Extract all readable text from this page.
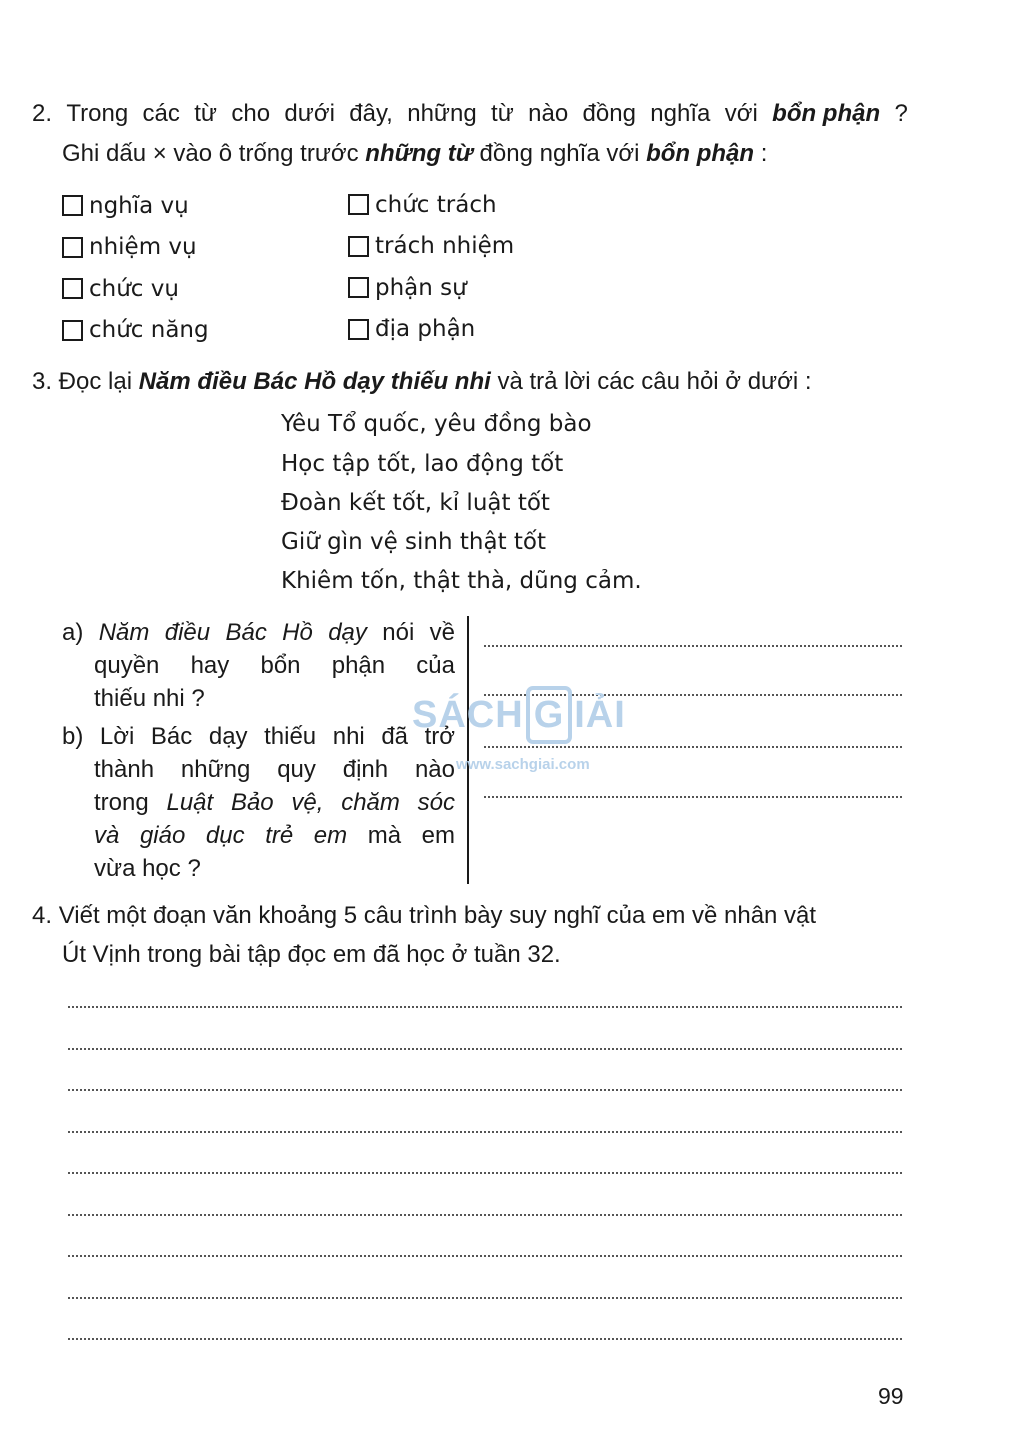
2. Trong các từ cho dưới đây, những từ nào đồng nghĩa với bổn phận ?
Ghi dấu × vào ô trống trước những từ đồng nghĩa với bổn phận :
nghĩa vụ
nhiệm vụ
chức vụ
chức năng
chức trách
trách nhiệm
phận sự
địa phận
3. Đọc lại Năm điều Bác Hồ dạy thiếu nhi và trả lời các câu hỏi ở dưới :
Yêu Tổ quốc, yêu đồng bào
Học tập tốt, lao động tốt
Đoàn kết tốt, kỉ luật tốt
Giữ gìn vệ sinh thật tốt
Khiêm tốn, thật thà, dũng cảm.
a) Năm điều Bác Hồ dạy nói về
quyền hay bổn phận của
thiếu nhi ?
b) Lời Bác dạy thiếu nhi đã trở
thành những quy định nào
trong Luật Bảo vệ, chăm sóc
và giáo dục trẻ em mà em
vừa học ?
SÁCH G IẢI
www.sachgiai.com
4. Viết một đoạn văn khoảng 5 câu trình bày suy nghĩ của em về nhân vật
Út Vịnh trong bài tập đọc em đã học ở tuần 32.
99
